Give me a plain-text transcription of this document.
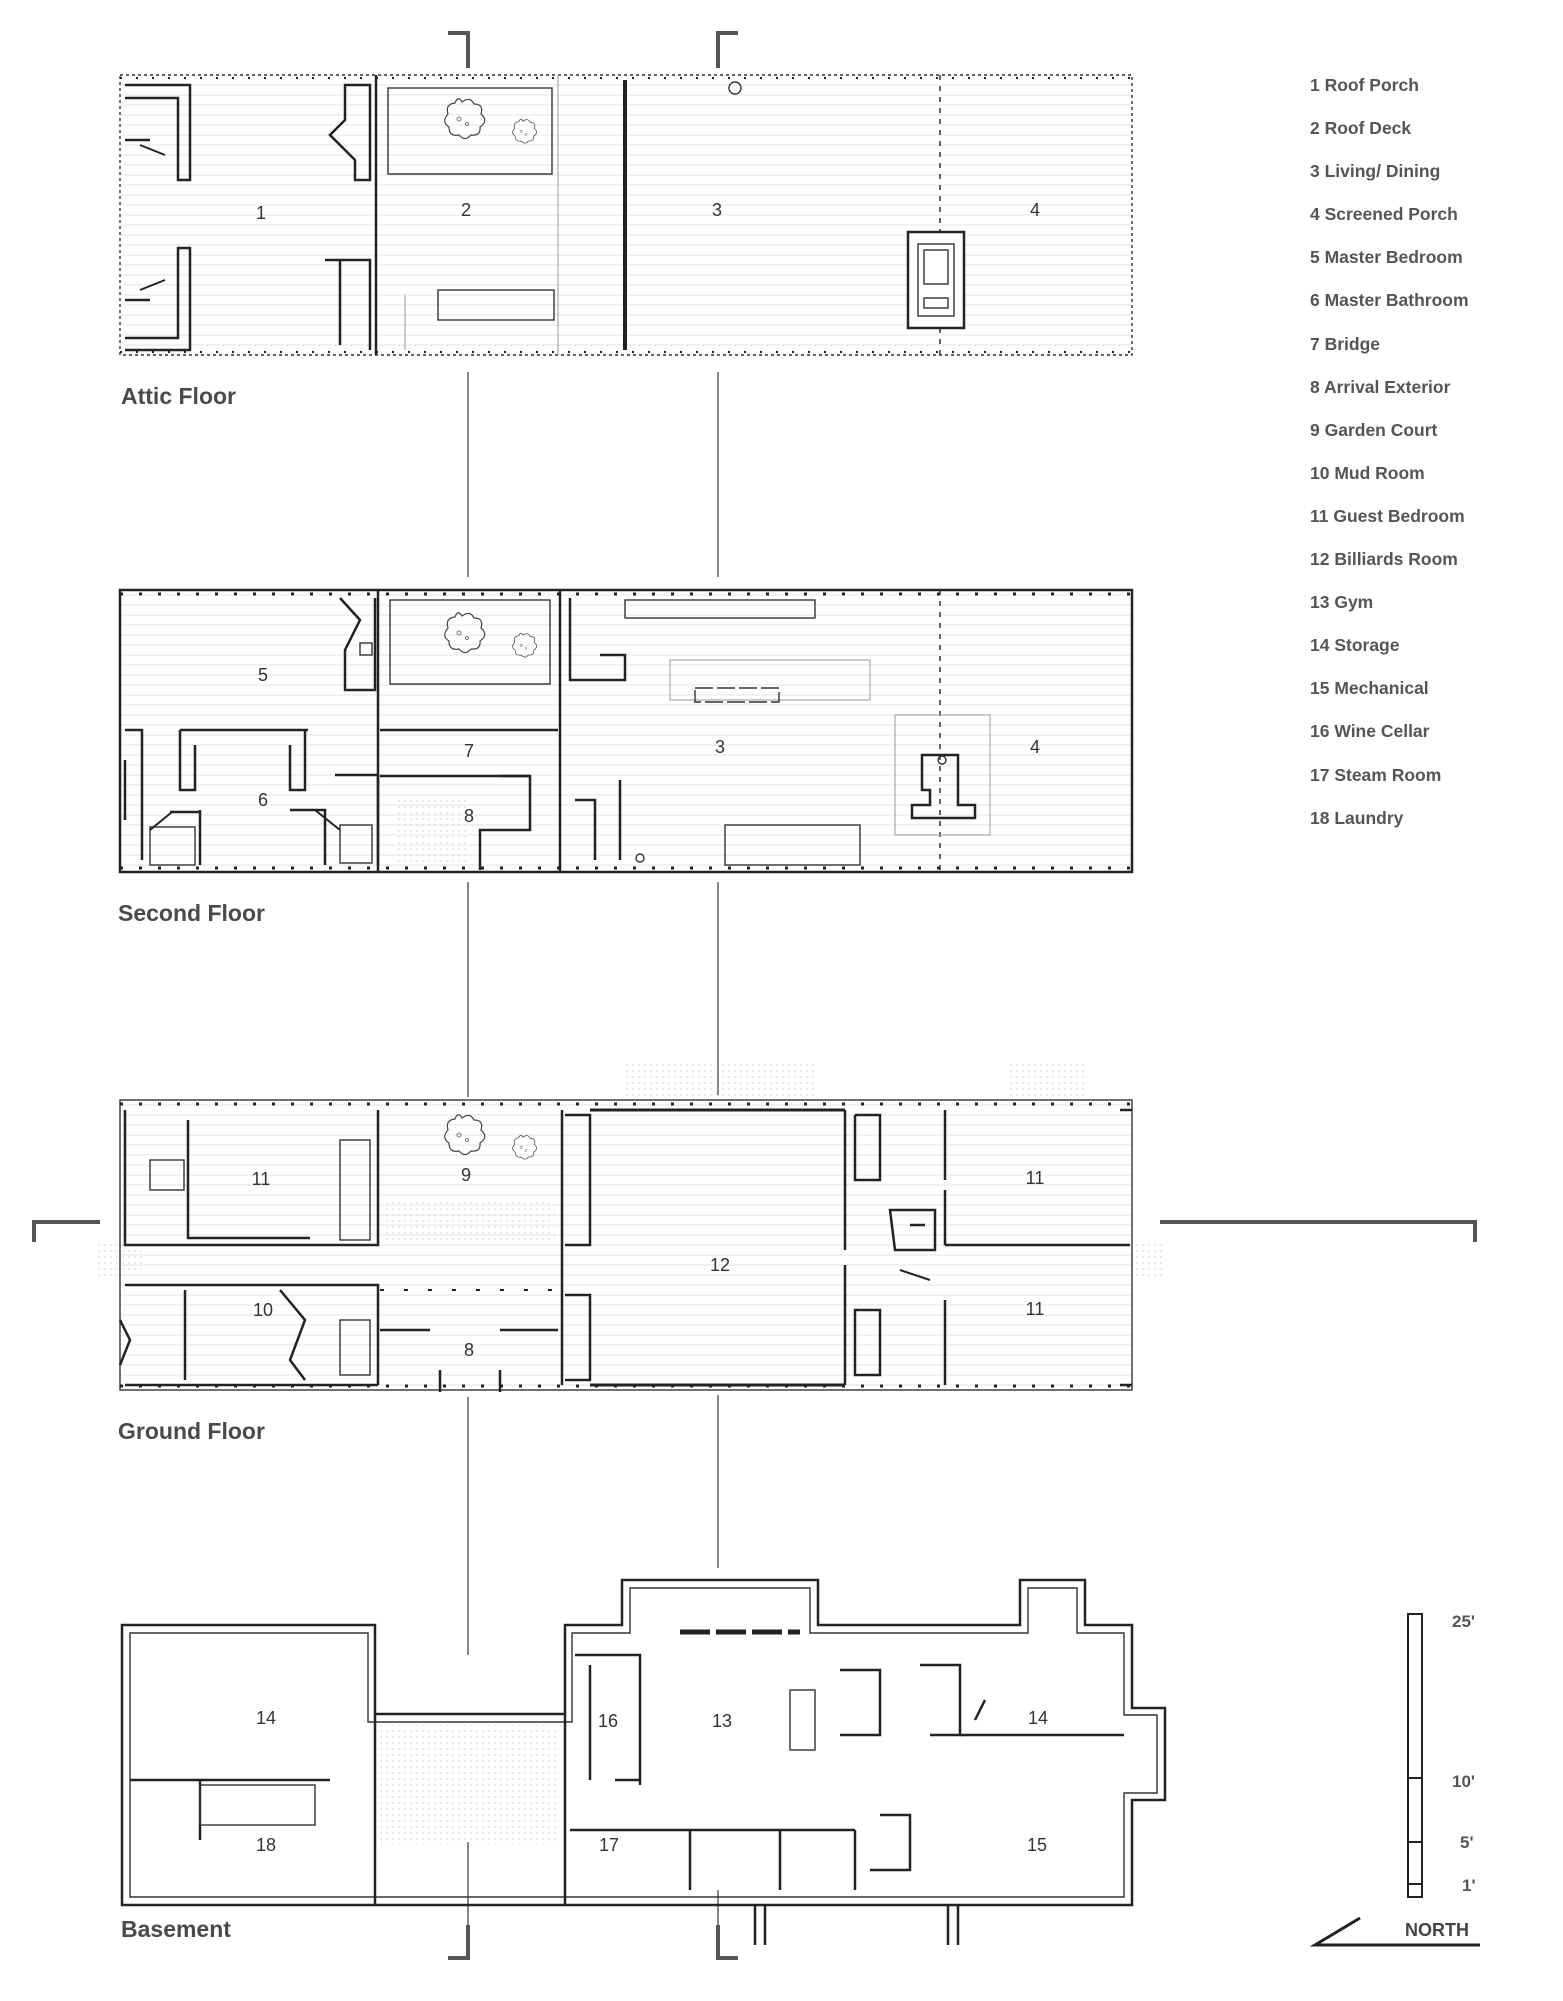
1	2	3	4
5
6
7
8
3	4
11	9
10
8
12
11
11
14
18
16	13	14
17	15
25'
10'
5'
1'
NORTH
Attic Floor
Second Floor
Ground Floor
Basement
1 Roof Porch
2 Roof Deck
3 Living/ Dining
4 Screened Porch
5 Master Bedroom
6 Master Bathroom
7 Bridge
8 Arrival Exterior
9 Garden Court
10 Mud Room
11 Guest Bedroom
12 Billiards Room
13 Gym
14 Storage
15 Mechanical
16 Wine Cellar
17 Steam Room
18 Laundry
